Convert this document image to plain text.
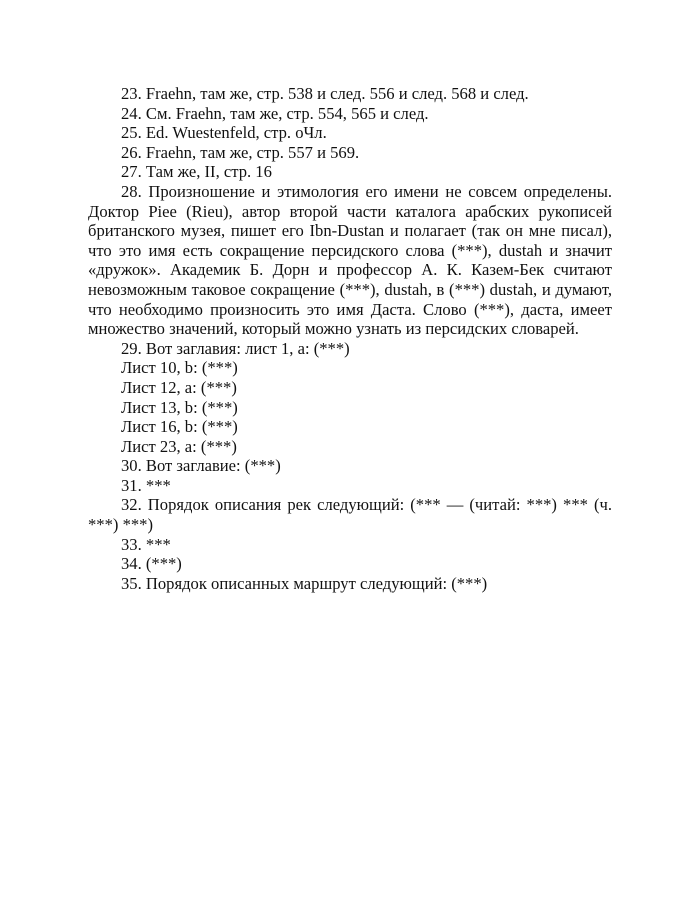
23. Fraehn, там же, стр. 538 и след. 556 и след. 568 и след.

24. См. Fraehn, там же, стр. 554, 565 и след.

25. Ed. Wuestenfeld, стр. оЧл.

26. Fraehn, там же, стр. 557 и 569.

27. Там же, II, стр. 16

28. Произношение и этимология его имени не совсем определены. Доктор Piee (Rieu), автор второй части каталога арабских рукописей британского музея, пишет его Ibn-Dustan и полагает (так он мне писал), что это имя есть сокращение персидского слова (***), dustah и значит «дружок». Академик Б. Дорн и профессор А. К. Казем-Бек считают невозможным таковое сокращение (***), dustah, в (***) dustah, и думают, что необходимо произносить это имя Даста. Слово (***), даста, имеет множество значений, который можно узнать из персидских словарей.

29. Вот заглавия: лист 1, а: (***)

Лист 10, b: (***)

Лист 12, а: (***)

Лист 13, b: (***)

Лист 16, b: (***)

Лист 23, а: (***)

30. Вот заглавие: (***)

31. ***

32. Порядок описания рек следующий: (*** — (читай: ***) *** (ч. ***) ***)

33. ***

34. (***)

35. Порядок описанных маршрут следующий: (***)
